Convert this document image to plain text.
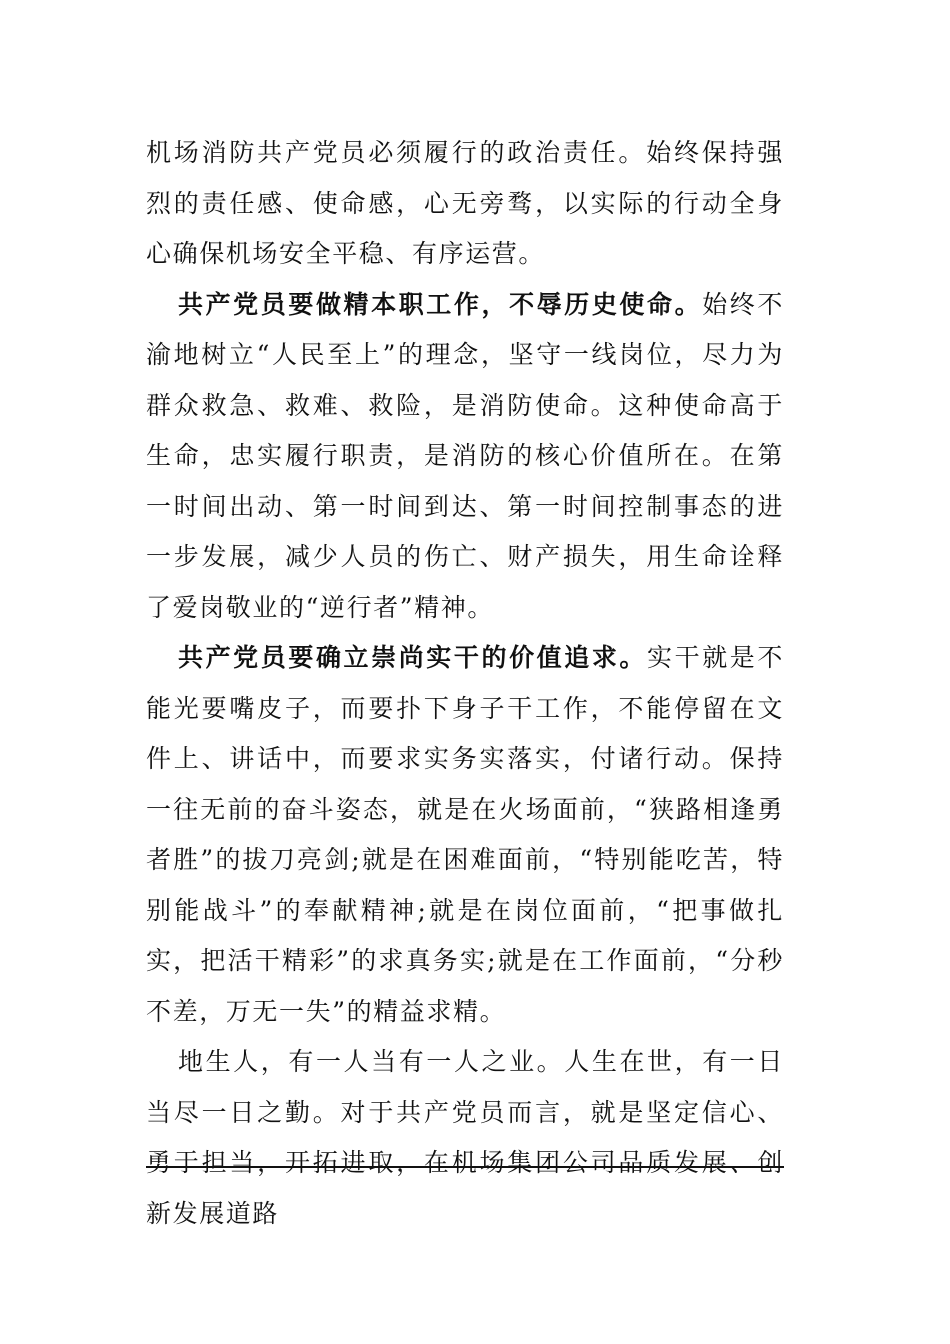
机场消防共产党员必须履行的政治责任。始终保持强烈的责任感、使命感，心无旁骛，以实际的行动全身心确保机场安全平稳、有序运营。

共产党员要做精本职工作，不辱历史使命。始终不渝地树立“人民至上”的理念，坚守一线岗位，尽力为群众救急、救难、救险，是消防使命。这种使命高于生命，忠实履行职责，是消防的核心价值所在。在第一时间出动、第一时间到达、第一时间控制事态的进一步发展，减少人员的伤亡、财产损失，用生命诠释了爱岗敬业的“逆行者”精神。

共产党员要确立崇尚实干的价值追求。实干就是不能光要嘴皮子，而要扑下身子干工作，不能停留在文件上、讲话中，而要求实务实落实，付诸行动。保持一往无前的奋斗姿态，就是在火场面前，“狭路相逢勇者胜”的拔刀亮剑;就是在困难面前，“特别能吃苦，特别能战斗”的奉献精神;就是在岗位面前，“把事做扎实，把活干精彩”的求真务实;就是在工作面前，“分秒不差，万无一失”的精益求精。

地生人，有一人当有一人之业。人生在世，有一日当尽一日之勤。对于共产党员而言，就是坚定信心、勇于担当，开拓进取，在机场集团公司品质发展、创新发展道路
